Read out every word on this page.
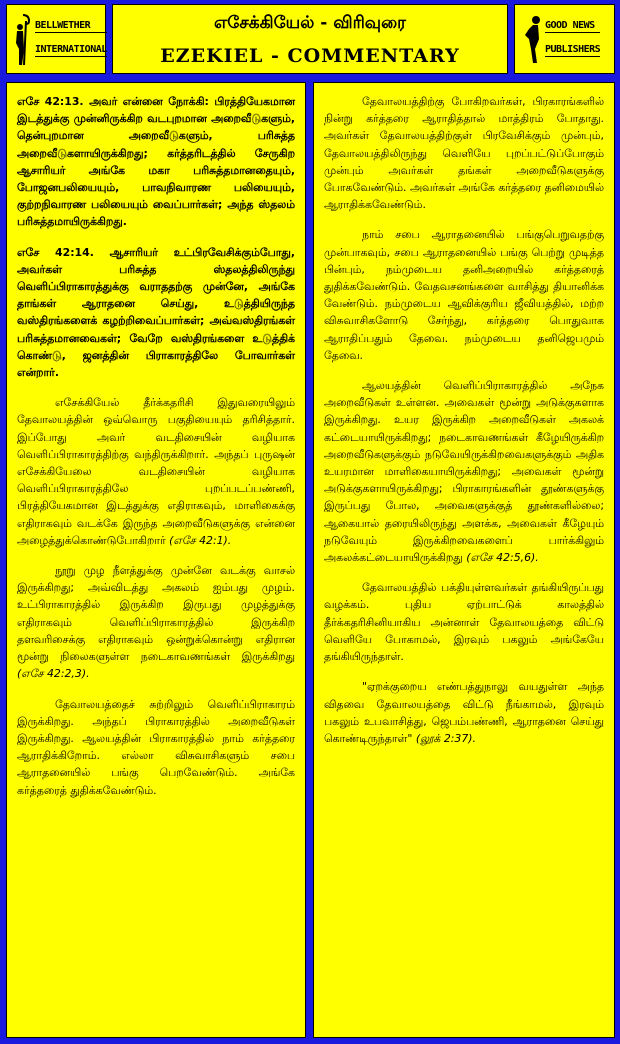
BELLWETHER
INTERNATIONAL
எசேக்கியேல் - விரிவுரை
EZEKIEL - COMMENTARY
GOOD NEWS
PUBLISHERS

எசே 42:13. அவர் என்னை நோக்கி: பிரத்தியேகமான இடத்துக்கு முன்னிருக்கிற வடபுறமான அறைவீடுகளும், தென்புறமான அறைவீடுகளும், பரிசுத்த அறைவீடுகளாயிருக்கிறது; கர்த்தரிடத்தில் சேருகிற ஆசாரியர் அங்கே மகா பரிசுத்தமானதையும், போஜனபலியையும், பாவநிவாரண பலியையும், குற்றநிவாரண பலியையும் வைப்பார்கள்; அந்த ஸ்தலம் பரிசுத்தமாயிருக்கிறது.

எசே 42:14. ஆசாரியர் உட்பிரவேசிக்கும்போது, அவர்கள் பரிசுத்த ஸ்தலத்திலிருந்து வெளிப்பிராகாரத்துக்கு வராததற்கு முன்னே, அங்கே தாங்கள் ஆராதனை செய்து, உடுத்தியிருந்த வஸ்திரங்களைக் கழற்றிவைப்பார்கள்; அவ்வஸ்திரங்கள் பரிசுத்தமானவைகள்; வேறே வஸ்திரங்களை உடுத்திக் கொண்டு, ஜனத்தின் பிராகாரத்திலே போவார்கள் என்றார்.

எசேக்கியேல் தீர்க்கதரிசி இதுவரையிலும் தேவாலயத்தின் ஒவ்வொரு பகுதியையும் தரிசித்தார். இப்போது அவர் வடதிசையின் வழியாக வெளிப்பிராகாரத்திற்கு வந்திருக்கிறார். அந்தப் புருஷன் எசேக்கியேலை வடதிசையின் வழியாக வெளிப்பிராகாரத்திலே புறப்படப்பண்ணி, பிரத்தியேகமான இடத்துக்கு எதிராகவும், மாளிகைக்கு எதிராகவும் வடக்கே இருந்த அறைவீடுகளுக்கு என்னை அழைத்துக்கொண்டுபோகிறார் (எசே 42:1).

நூறு முழ நீளத்துக்கு முன்னே வடக்கு வாசல் இருக்கிறது; அவ்விடத்து அகலம் ஐம்பது முழம். உட்பிராகாரத்தில் இருக்கிற இருபது முழத்துக்கு எதிராகவும் வெளிப்பிராகாரத்தில் இருக்கிற தளவரிசைக்கு எதிராகவும் ஒன்றுக்கொன்று எதிரான மூன்று நிலைகளுள்ள நடைகாவணங்கள் இருக்கிறது (எசே 42:2,3).

தேவாலயத்தைச் சுற்றிலும் வெளிப்பிராகாரம் இருக்கிறது. அந்தப் பிராகாரத்தில் அறைவீடுகள் இருக்கிறது. ஆலயத்தின் பிராகாரத்தில் நாம் கர்த்தரை ஆராதிக்கிறோம். எல்லா விசுவாசிகளும் சபை ஆராதனையில் பங்கு பெறவேண்டும். அங்கே கர்த்தரைத் துதிக்கவேண்டும்.

தேவாலயத்திற்கு போகிறவர்கள், பிரகாரங்களில் நின்று கர்த்தரை ஆராதித்தால் மாத்திரம் போதாது. அவர்கள் தேவாலயத்திற்குள் பிரவேசிக்கும் முன்பும், தேவாலயத்திலிருந்து வெளியே புறப்பட்டுப்போகும் முன்பும் அவர்கள் தங்கள் அறைவீடுகளுக்கு போகவேண்டும். அவர்கள் அங்கே கர்த்தரை தனிமையில் ஆராதிக்கவேண்டும்.

நாம் சபை ஆராதனையில் பங்குபெறுவதற்கு முன்பாகவும், சபை ஆராதனையில் பங்கு பெற்று முடித்த பின்பும், நம்முடைய தனிஅறையில் கர்த்தரைத் துதிக்கவேண்டும். வேதவசனங்களை வாசித்து தியானிக்க வேண்டும். நம்முடைய ஆவிக்குரிய ஜீவியத்தில், மற்ற விசுவாசிகளோடு சேர்ந்து, கர்த்தரை பொதுவாக ஆராதிப்பதும் தேவை. நம்முடைய தனிஜெபமும் தேவை.

ஆலயத்தின் வெளிப்பிராகாரத்தில் அநேக அறைவீடுகள் உள்ளன. அவைகள் மூன்று அடுக்குகளாக இருக்கிறது. உயர இருக்கிற அறைவீடுகள் அகலக் கட்டையாயிருக்கிறது; நடைகாவணங்கள் கீழேயிருக்கிற அறைவீடுகளுக்கும் நடுவேயிருக்கிறவைகளுக்கும் அதிக உயரமான மாளிகையாயிருக்கிறது; அவைகள் மூன்று அடுக்குகளாயிருக்கிறது; பிராகாரங்களின் தூண்களுக்கு இருப்பது போல, அவைகளுக்குத் தூண்களில்லை; ஆகையால் தரையிலிருந்து அளக்க, அவைகள் கீழேயும் நடுவேயும் இருக்கிறவைகளைப் பார்க்கிலும் அகலக்கட்டையாயிருக்கிறது (எசே 42:5,6).

தேவாலயத்தில் பக்தியுள்ளவர்கள் தங்கியிருப்பது வழக்கம். புதிய ஏற்பாட்டுக் காலத்தில் தீர்க்கதரிசினியாகிய அன்னாள் தேவாலயத்தை விட்டு வெளியே போகாமல், இரவும் பகலும் அங்கேயே தங்கியிருந்தாள்.

"ஏறக்குறைய எண்பத்துநாலு வயதுள்ள அந்த விதவை தேவாலயத்தை விட்டு நீங்காமல், இரவும் பகலும் உபவாசித்து, ஜெபம்பண்ணி, ஆராதனை செய்து கொண்டிருந்தாள்" (லூக் 2:37).
